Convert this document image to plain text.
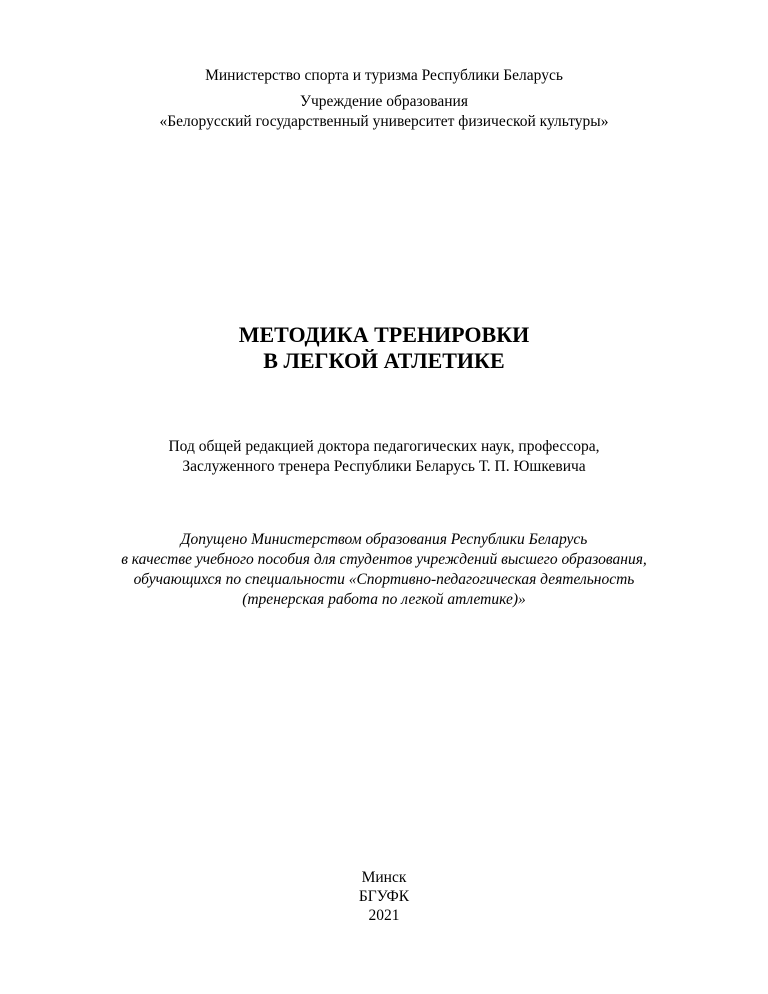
Министерство спорта и туризма Республики Беларусь
Учреждение образования
«Белорусский государственный университет физической культуры»
МЕТОДИКА ТРЕНИРОВКИ
В ЛЕГКОЙ АТЛЕТИКЕ
Под общей редакцией доктора педагогических наук, профессора,
Заслуженного тренера Республики Беларусь Т. П. Юшкевича
Допущено Министерством образования Республики Беларусь
в качестве учебного пособия для студентов учреждений высшего образования,
обучающихся по специальности «Спортивно-педагогическая деятельность
(тренерская работа по легкой атлетике)»
Минск
БГУФК
2021
